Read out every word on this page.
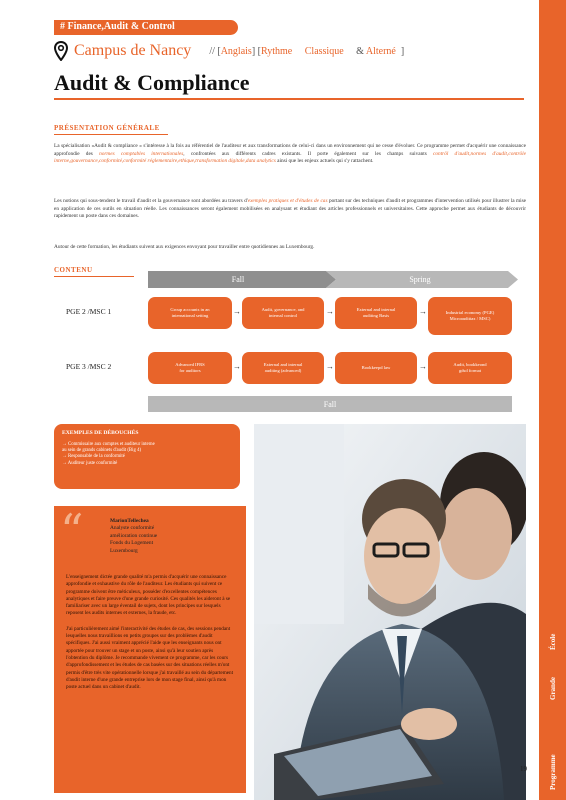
# Finance,Audit & Control
Campus de Nancy // [Anglais] [Rythme Classique & Alterné ]
Audit & Compliance
PRÉSENTATION GÉNÉRALE
La spécialisation «Audit & compliance » s'intéresse à la fois au référentiel de l'auditeur et aux transformations de celui-ci dans un environnement qui ne cesse d'évoluer. Ce programme permet d'acquérir une connaissance approfondie des normes comptables internationales, confrontées aux différents cadres existants. Il porte également sur les champs suivants contrôl d'audit,normes d'audit,contrôle interne,gouvernance,conformité,conformité réglementaire,ethique,transformation digitale,data analytics ainsi que les enjeux actuels qui s'y rattachent.
Les notions qui sous-tendent le travail d'audit et la gouvernance sont abordées au travers d'exemples pratiques et d'études de cas portant sur des techniques d'audit et programmes d'intervention utilisés pour illustrer la mise en application de ces outils en situation réelle. Les connaissances seront également mobilisées en analysant et étudiant des articles professionnels et universitaires. Cette approche permet aux étudiants de découvrir rapidement un poste dans ces domaines.
Autour de cette formation, les étudiants suivent aux exigences envoyant pour travailler entre quotidiennes au Luxembourg.
CONTENU
Fall	Spring
PGE 2 /MSC 1	Group accounts in an
international setting	→	Audit, governance, and
internal control	→	External and internal
auditing Basis	→	Industrial economy (PGE)
Microaudittax / MSC)
PGE 3 /MSC 2	Advanced IFRS
for auditors	→	External and internal
auditing (advanced)	→	Bookkeepd law	→	Audit, bookkeond
gdsd format
Fall
EXEMPLES DE DÉBOUCHÉS
→ Commissaire aux comptes et auditeur interne
au sein de grands cabinets d'audit (Big 4)
→ Responsable de la conformité
→ Auditeur juste conformité
“	MarionTellechea
Analyste conformité
amélioration continue
Fonds du Logement
Luxembourg

L'enseignement dictée grande qualité m'a permis d'acquérir une connaissance approfondie et exhaustive du rôle de l'auditeur. Les étudiants qui suivent ce programme doivent être méticuleux, posséder d'excellentes compétences analytiques et faire preuve d'une grande curiosité. Ces qualités les aideront à se familiariser avec un large éventail de sujets, dont les principes sur lesquels reposent les audits internes et externes, la fraude, etc.

J'ai particulièrement aimé l'interactivité des études de cas, des sessions pendant lesquelles nous travaillions en petits groupes sur des problèmes d'audit spécifiques. J'ai aussi vraiment apprécié l'aide que les enseignants nous ont apportée pour trouver un stage et un poste, ainsi qu'à leur soutien après l'obtention du diplôme. Je recommande vivement ce programme, car les cours d'approfondissement et les études de cas basées sur des situations réelles m'ont permis d'être très vite opérationnelle lorsque j'ai travaillé au sein du département d'audit interne d'une grande entreprise lors de mon stage final, ainsi qu'à mon poste actuel dans un cabinet d'audit.

École
Grande
Programme
19
